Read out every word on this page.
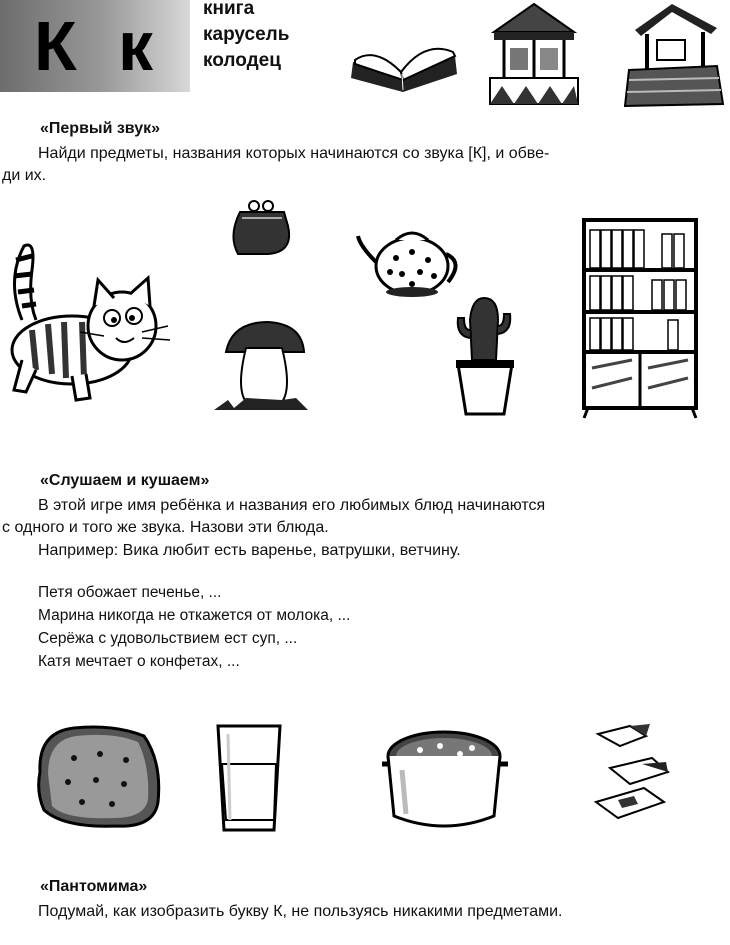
К к	книга
карусель
колодец
«Первый звук»
Найди предметы, названия которых начинаются со звука [К], и обве-
ди их.
«Слушаем и кушаем»
В этой игре имя ребёнка и названия его любимых блюд начинаются
с одного и того же звука. Назови эти блюда.
Например: Вика любит есть варенье, ватрушки, ветчину.
Петя обожает печенье, ...
Марина никогда не откажется от молока, ...
Серёжа с удовольствием ест суп, ...
Катя мечтает о конфетах, ...
«Пантомима»
Подумай, как изобразить букву К, не пользуясь никакими предметами.
